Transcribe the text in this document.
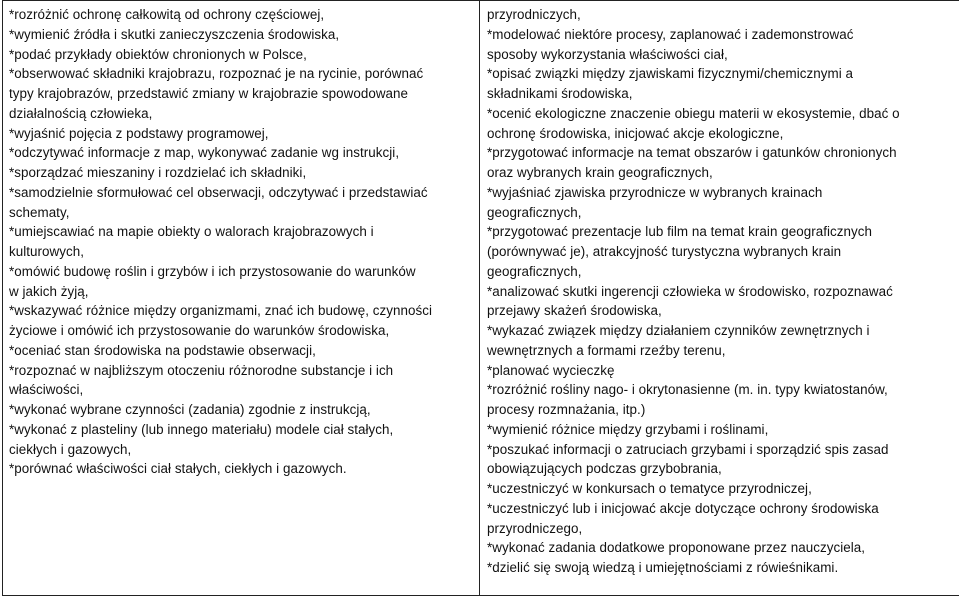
*rozróżnić ochronę całkowitą od ochrony częściowej,
*wymienić źródła i skutki zanieczyszczenia środowiska,
*podać przykłady obiektów chronionych w Polsce,
*obserwować składniki krajobrazu, rozpoznać je na rycinie, porównać
typy krajobrazów, przedstawić zmiany w krajobrazie spowodowane
działalnością człowieka,
*wyjaśnić pojęcia z podstawy programowej,
*odczytywać informacje z map, wykonywać zadanie wg instrukcji,
*sporządzać mieszaniny i rozdzielać ich składniki,
*samodzielnie sformułować cel obserwacji, odczytywać i przedstawiać
schematy,
*umiejscawiać na mapie obiekty o walorach krajobrazowych i
kulturowych,
*omówić budowę roślin i grzybów i ich przystosowanie do warunków
w jakich żyją,
*wskazywać różnice między organizmami, znać ich budowę, czynności
życiowe i omówić ich przystosowanie do warunków środowiska,
*oceniać stan środowiska na podstawie obserwacji,
*rozpoznać w najbliższym otoczeniu różnorodne substancje i ich
właściwości,
*wykonać wybrane czynności (zadania) zgodnie z instrukcją,
*wykonać z plasteliny (lub innego materiału) modele ciał stałych,
ciekłych i gazowych,
*porównać właściwości ciał stałych, ciekłych i gazowych.

przyrodniczych,
*modelować niektóre procesy, zaplanować i zademonstrować
sposoby wykorzystania właściwości ciał,
*opisać związki między zjawiskami fizycznymi/chemicznymi a
składnikami środowiska,
*ocenić ekologiczne znaczenie obiegu materii w ekosystemie, dbać o
ochronę środowiska, inicjować akcje ekologiczne,
*przygotować informacje na temat obszarów i gatunków chronionych
oraz wybranych krain geograficznych,
*wyjaśniać zjawiska przyrodnicze w wybranych krainach
geograficznych,
*przygotować prezentacje lub film na temat krain geograficznych
(porównywać je), atrakcyjność turystyczna wybranych krain
geograficznych,
*analizować skutki ingerencji człowieka w środowisko, rozpoznawać
przejawy skażeń środowiska,
*wykazać związek między działaniem czynników zewnętrznych i
wewnętrznych a formami rzeźby terenu,
*planować wycieczkę
*rozróżnić rośliny nago- i okrytonasienne (m. in. typy kwiatostanów,
procesy rozmnażania, itp.)
*wymienić różnice między grzybami i roślinami,
*poszukać informacji o zatruciach grzybami i sporządzić spis zasad
obowiązujących podczas grzybobrania,
*uczestniczyć w konkursach o tematyce przyrodniczej,
*uczestniczyć lub i inicjować akcje dotyczące ochrony środowiska
przyrodniczego,
*wykonać zadania dodatkowe proponowane przez nauczyciela,
*dzielić się swoją wiedzą i umiejętnościami z rówieśnikami.
